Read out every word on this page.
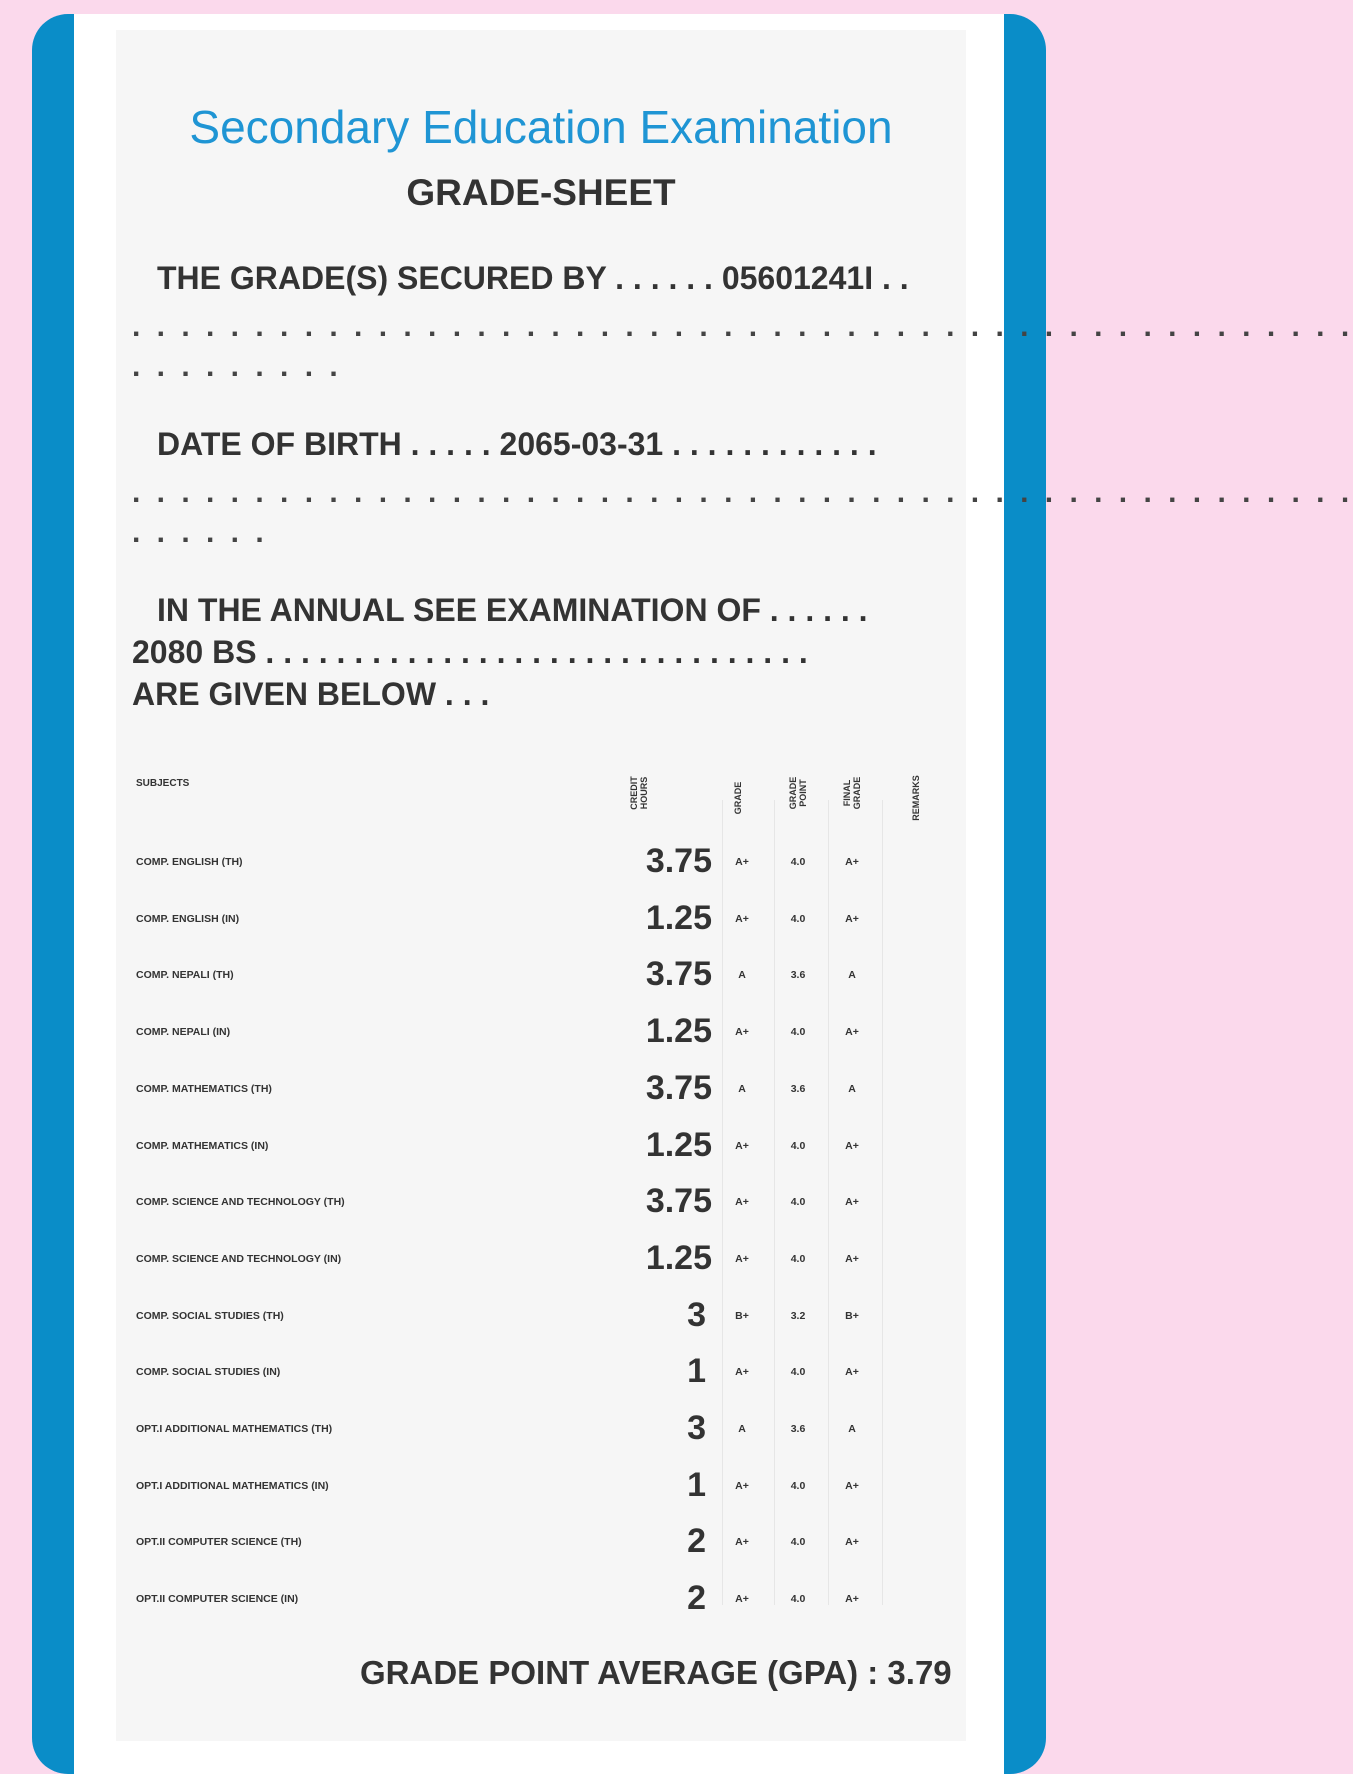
Secondary Education Examination
GRADE-SHEET
THE GRADE(S) SECURED BY . . . . . . 05601241I . .
. . . . . . . . . . . . . . . . . . . . . . . . . . . . . . . . . . . . . . . . . . . . . . . . . .
. . . . . . . . .
DATE OF BIRTH . . . . . 2065-03-31 . . . . . . . . . . . .
. . . . . . . . . . . . . . . . . . . . . . . . . . . . . . . . . . . . . . . . . . . . . . . . . .
. . . . . .
IN THE ANNUAL SEE EXAMINATION OF . . . . . .
2080 BS . . . . . . . . . . . . . . . . . . . . . . . . . . . . . . .
ARE GIVEN BELOW . . .
SUBJECTS	CREDIT HOURS	GRADE	GRADE POINT	FINAL GRADE	REMARKS
COMP. ENGLISH (TH)	3.75	A+	4.0	A+
COMP. ENGLISH (IN)	1.25	A+	4.0	A+
COMP. NEPALI (TH)	3.75	A	3.6	A
COMP. NEPALI (IN)	1.25	A+	4.0	A+
COMP. MATHEMATICS (TH)	3.75	A	3.6	A
COMP. MATHEMATICS (IN)	1.25	A+	4.0	A+
COMP. SCIENCE AND TECHNOLOGY (TH)	3.75	A+	4.0	A+
COMP. SCIENCE AND TECHNOLOGY (IN)	1.25	A+	4.0	A+
COMP. SOCIAL STUDIES (TH)	3	B+	3.2	B+
COMP. SOCIAL STUDIES (IN)	1	A+	4.0	A+
OPT.I ADDITIONAL MATHEMATICS (TH)	3	A	3.6	A
OPT.I ADDITIONAL MATHEMATICS (IN)	1	A+	4.0	A+
OPT.II COMPUTER SCIENCE (TH)	2	A+	4.0	A+
OPT.II COMPUTER SCIENCE (IN)	2	A+	4.0	A+
GRADE POINT AVERAGE (GPA) : 3.79
